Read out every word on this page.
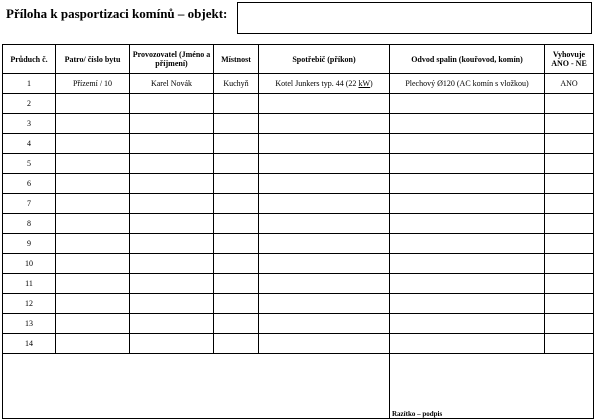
Příloha k pasportizaci komínů – objekt:
Průduch č.	Patro/ číslo bytu	Provozovatel (Jméno a příjmení)	Místnost	Spotřebič (příkon)	Odvod spalin (kouřovod, komín)	Vyhovuje ANO - NE
1	Přízemí / 10	Karel Novák	Kuchyň	Kotel Junkers typ. 44 (22 kW)	Plechový Ø120 (AC komín s vložkou)	ANO
2						
3						
4						
5						
6						
7						
8						
9						
10						
11						
12						
13						
14						
					Razítko – podpis	
